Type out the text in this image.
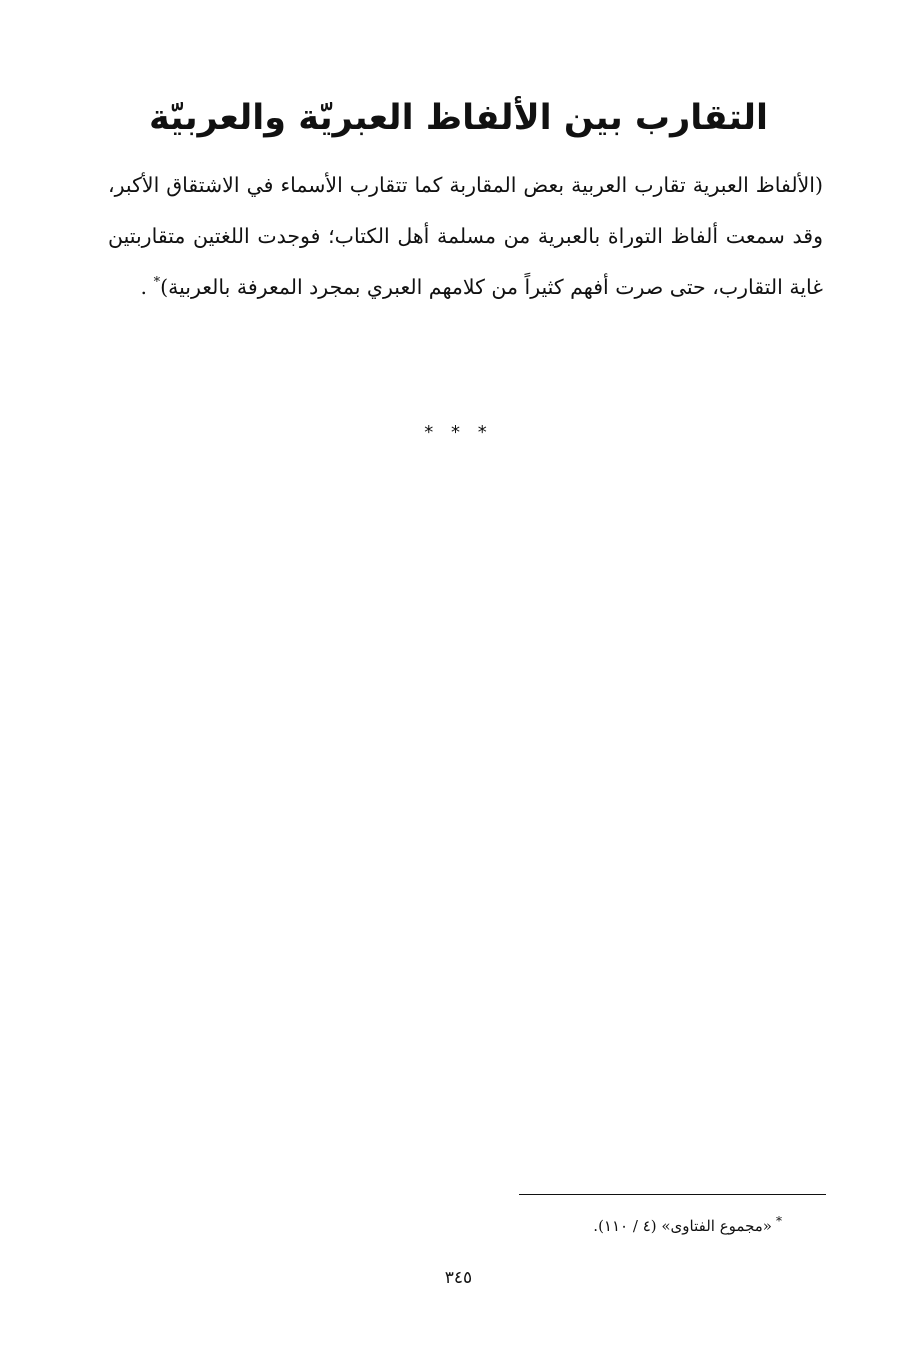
التقارب بين الألفاظ العبريّة والعربيّة

(الألفاظ العبرية تقارب العربية بعض المقاربة كما تتقارب الأسماء في الاشتقاق الأكبر، وقد سمعت ألفاظ التوراة بالعبرية من مسلمة أهل الكتاب؛ فوجدت اللغتين متقاربتين غاية التقارب، حتى صرت أفهم كثيراً من كلامهم العبري بمجرد المعرفة بالعربية)* .

* * *
*«مجموع الفتاوى» (٤ / ١١٠).
٣٤٥
